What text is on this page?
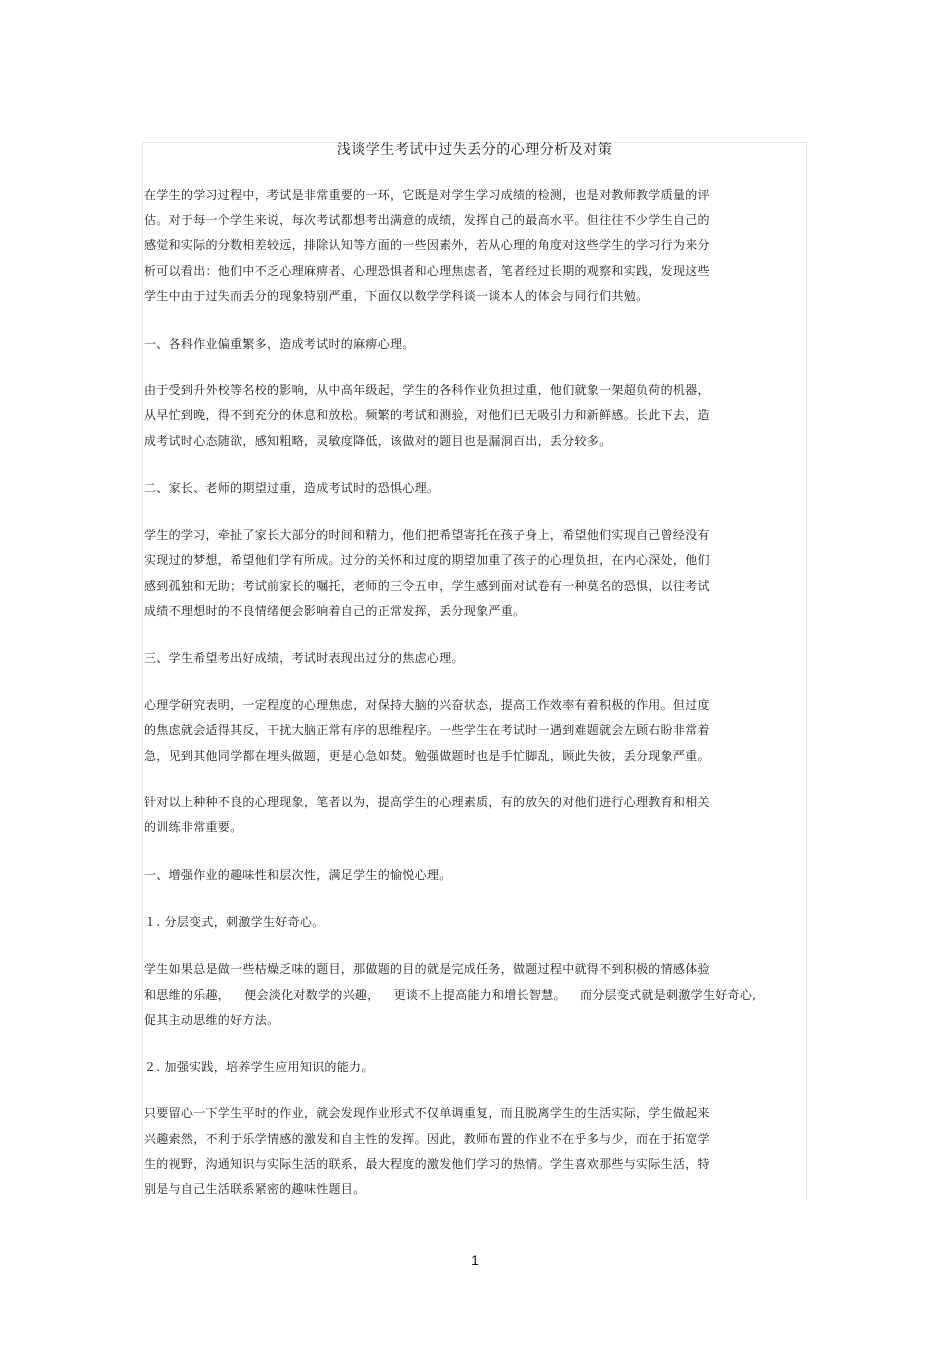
浅谈学生考试中过失丢分的心理分析及对策

在学生的学习过程中，考试是非常重要的一环，它既是对学生学习成绩的检测，也是对教师教学质量的评

估。对于每一个学生来说，每次考试都想考出满意的成绩，发挥自己的最高水平。但往往不少学生自己的

感觉和实际的分数相差较远，排除认知等方面的一些因素外，若从心理的角度对这些学生的学习行为来分

析可以看出：他们中不乏心理麻痹者、心理恐惧者和心理焦虑者，笔者经过长期的观察和实践，发现这些

学生中由于过失而丢分的现象特别严重，下面仅以数学学科谈一谈本人的体会与同行们共勉。

一、各科作业偏重繁多，造成考试时的麻痹心理。

由于受到升外校等名校的影响，从中高年级起，学生的各科作业负担过重，他们就象一架超负荷的机器，

从早忙到晚，得不到充分的休息和放松。频繁的考试和测验，对他们已无吸引力和新鲜感。长此下去，造

成考试时心态随欲，感知粗略，灵敏度降低，该做对的题目也是漏洞百出，丢分较多。

二、家长、老师的期望过重，造成考试时的恐惧心理。

学生的学习，牵扯了家长大部分的时间和精力，他们把希望寄托在孩子身上，希望他们实现自己曾经没有

实现过的梦想，希望他们学有所成。过分的关怀和过度的期望加重了孩子的心理负担，在内心深处，他们

感到孤独和无助；考试前家长的嘱托，老师的三令五申，学生感到面对试卷有一种莫名的恐惧，以往考试

成绩不理想时的不良情绪便会影响着自己的正常发挥，丢分现象严重。

三、学生希望考出好成绩，考试时表现出过分的焦虑心理。

心理学研究表明，一定程度的心理焦虑，对保持大脑的兴奋状态，提高工作效率有着积极的作用。但过度

的焦虑就会适得其反，干扰大脑正常有序的思维程序。一些学生在考试时一遇到难题就会左顾右盼非常着

急，见到其他同学都在埋头做题，更是心急如焚。勉强做题时也是手忙脚乱，顾此失彼，丢分现象严重。

针对以上种种不良的心理现象，笔者以为，提高学生的心理素质，有的放矢的对他们进行心理教育和相关

的训练非常重要。

一、增强作业的趣味性和层次性，满足学生的愉悦心理。

１. 分层变式，刺激学生好奇心。

学生如果总是做一些枯燥乏味的题目，那做题的目的就是完成任务，做题过程中就得不到积极的情感体验

和思维的乐趣， 便会淡化对数学的兴趣， 更谈不上提高能力和增长智慧。 而分层变式就是刺激学生好奇心,

促其主动思维的好方法。

２. 加强实践，培养学生应用知识的能力。

只要留心一下学生平时的作业，就会发现作业形式不仅单调重复，而且脱离学生的生活实际，学生做起来

兴趣索然，不利于乐学情感的激发和自主性的发挥。因此，教师布置的作业不在乎多与少，而在于拓宽学

生的视野，沟通知识与实际生活的联系，最大程度的激发他们学习的热情。学生喜欢那些与实际生活，特

别是与自己生活联系紧密的趣味性题目。

1
